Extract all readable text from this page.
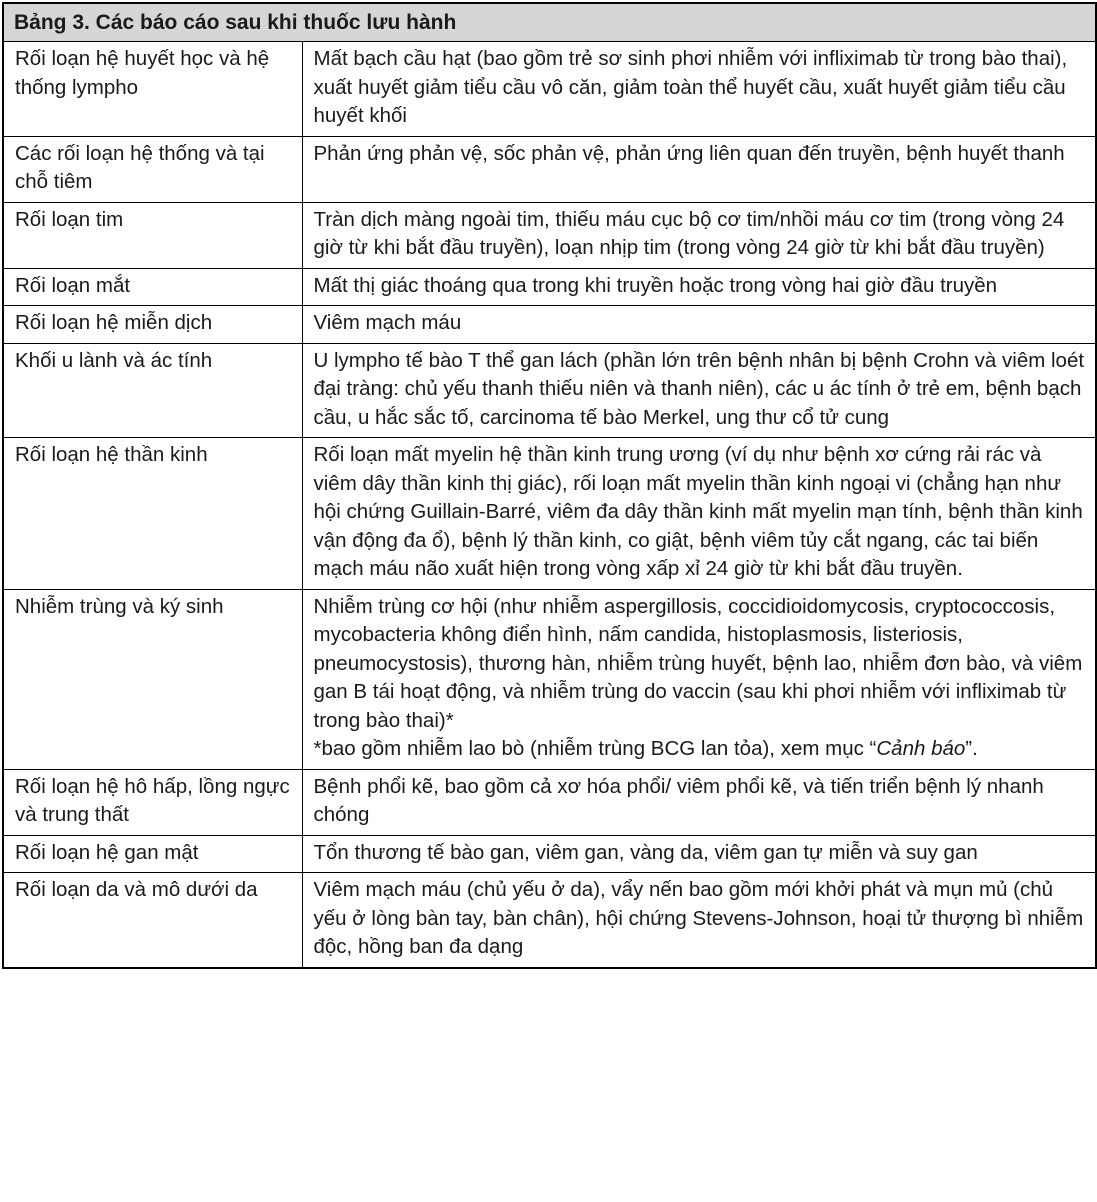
Bảng 3. Các báo cáo sau khi thuốc lưu hành	
Rối loạn hệ huyết học và hệ thống lympho	Mất bạch cầu hạt (bao gồm trẻ sơ sinh phơi nhiễm với infliximab từ trong bào thai), xuất huyết giảm tiểu cầu vô căn, giảm toàn thể huyết cầu, xuất huyết giảm tiểu cầu huyết khối
Các rối loạn hệ thống và tại chỗ tiêm	Phản ứng phản vệ, sốc phản vệ, phản ứng liên quan đến truyền, bệnh huyết thanh
Rối loạn tim	Tràn dịch màng ngoài tim, thiếu máu cục bộ cơ tim/nhồi máu cơ tim (trong vòng 24 giờ từ khi bắt đầu truyền), loạn nhịp tim (trong vòng 24 giờ từ khi bắt đầu truyền)
Rối loạn mắt	Mất thị giác thoáng qua trong khi truyền hoặc trong vòng hai giờ đầu truyền
Rối loạn hệ miễn dịch	Viêm mạch máu
Khối u lành và ác tính	U lympho tế bào T thể gan lách (phần lớn trên bệnh nhân bị bệnh Crohn và viêm loét đại tràng: chủ yếu thanh thiếu niên và thanh niên), các u ác tính ở trẻ em, bệnh bạch cầu, u hắc sắc tố, carcinoma tế bào Merkel, ung thư cổ tử cung
Rối loạn hệ thần kinh	Rối loạn mất myelin hệ thần kinh trung ương (ví dụ như bệnh xơ cứng rải rác và viêm dây thần kinh thị giác), rối loạn mất myelin thần kinh ngoại vi (chẳng hạn như hội chứng Guillain-Barré, viêm đa dây thần kinh mất myelin mạn tính, bệnh thần kinh vận động đa ổ), bệnh lý thần kinh, co giật, bệnh viêm tủy cắt ngang, các tai biến mạch máu não xuất hiện trong vòng xấp xỉ 24 giờ từ khi bắt đầu truyền.
Nhiễm trùng và ký sinh	Nhiễm trùng cơ hội (như nhiễm aspergillosis, coccidioidomycosis, cryptococcosis, mycobacteria không điển hình, nấm candida, histoplasmosis, listeriosis, pneumocystosis), thương hàn, nhiễm trùng huyết, bệnh lao, nhiễm đơn bào, và viêm gan B tái hoạt động, và nhiễm trùng do vaccin (sau khi phơi nhiễm với infliximab từ trong bào thai)*
*bao gồm nhiễm lao bò (nhiễm trùng BCG lan tỏa), xem mục “Cảnh báo”.

Rối loạn hệ hô hấp, lồng ngực và trung thất	Bệnh phổi kẽ, bao gồm cả xơ hóa phổi/ viêm phổi kẽ, và tiến triển bệnh lý nhanh chóng
Rối loạn hệ gan mật	Tổn thương tế bào gan, viêm gan, vàng da, viêm gan tự miễn và suy gan
Rối loạn da và mô dưới da	Viêm mạch máu (chủ yếu ở da), vẩy nến bao gồm mới khởi phát và mụn mủ (chủ yếu ở lòng bàn tay, bàn chân), hội chứng Stevens-Johnson, hoại tử thượng bì nhiễm độc, hồng ban đa dạng
